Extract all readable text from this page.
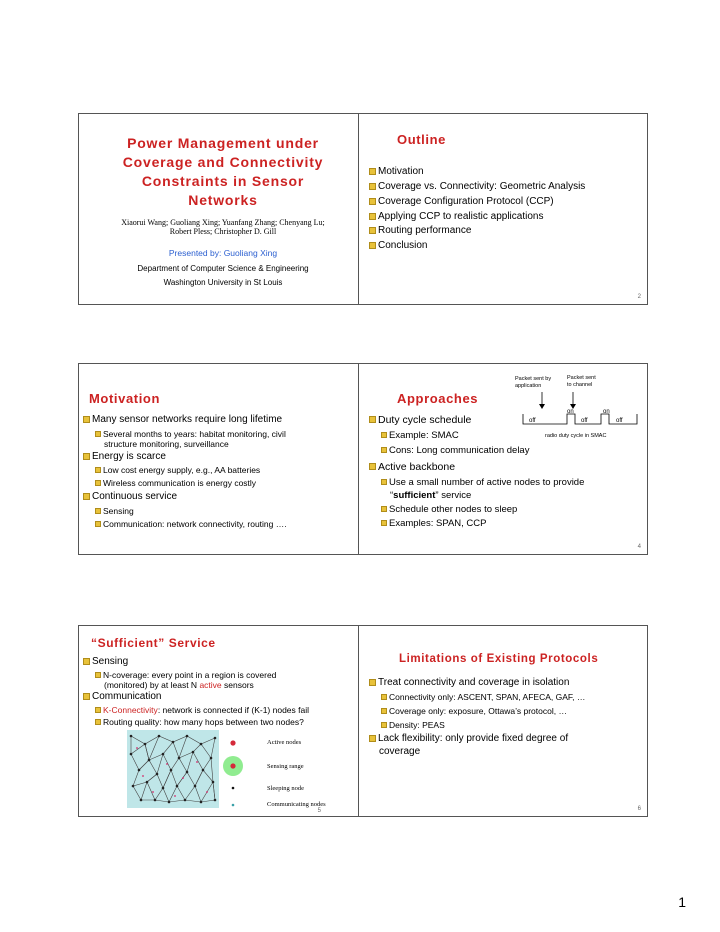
Power Management under
Coverage and Connectivity
Constraints in Sensor
Networks
Xiaorui Wang; Guoliang Xing; Yuanfang Zhang; Chenyang Lu;
Robert Pless; Christopher D. Gill
Presented by: Guoliang Xing
Department of Computer Science & Engineering
Washington University in St Louis
Outline
Motivation
Coverage vs. Connectivity: Geometric Analysis
Coverage Configuration Protocol (CCP)
Applying CCP to realistic applications
Routing performance
Conclusion
2
Motivation
Many sensor networks require long lifetime
Several months to years: habitat monitoring, civil
structure monitoring, surveillance
Energy is scarce
Low cost energy supply, e.g., AA batteries
Wireless communication is energy costly
Continuous service
Sensing
Communication: network connectivity, routing ….
Approaches
Packet sent by
application
Packet sent
to channel
on	on
off	off	off
radio duty cycle in SMAC
Duty cycle schedule
Example: SMAC
Cons: Long communication delay
Active backbone
Use a small number of active nodes to provide
“sufficient” service
Schedule other nodes to sleep
Examples: SPAN, CCP
4
“Sufficient” Service
Sensing
N-coverage: every point in a region is covered
(monitored) by at least N active sensors
Communication
K-Connectivity : network is connected if (K-1) nodes fail
Routing quality: how many hops between two nodes?
Active nodes
Sensing range
Sleeping node
Communicating nodes
5
Limitations of Existing Protocols
Treat connectivity and coverage in isolation
Connectivity only: ASCENT, SPAN, AFECA, GAF, …
Coverage only: exposure, Ottawa’s protocol, …
Density: PEAS
Lack flexibility: only provide fixed degree of
coverage
6
1
